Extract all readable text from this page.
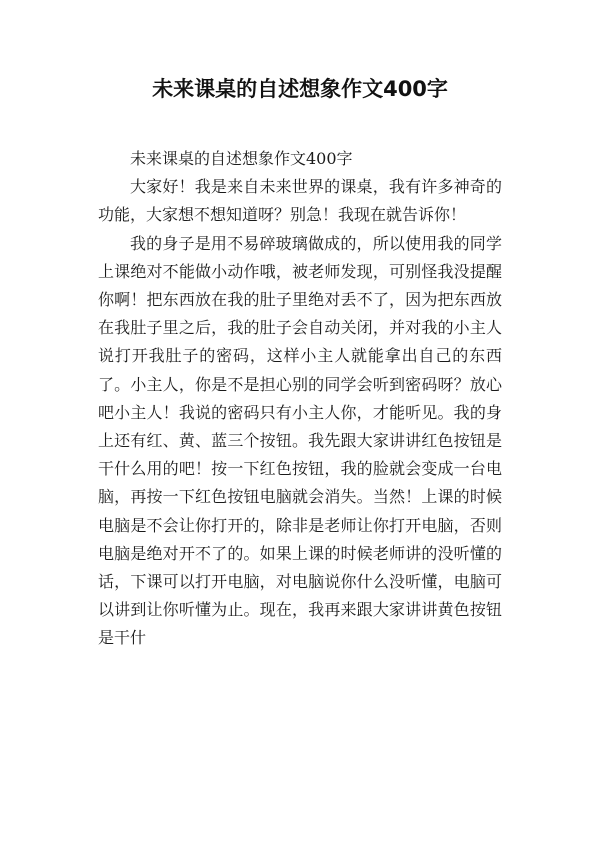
未来课桌的自述想象作文400字

未来课桌的自述想象作文400字

大家好！我是来自未来世界的课桌，我有许多神奇的功能，大家想不想知道呀？别急！我现在就告诉你！

我的身子是用不易碎玻璃做成的，所以使用我的同学上课绝对不能做小动作哦，被老师发现，可别怪我没提醒你啊！把东西放在我的肚子里绝对丢不了，因为把东西放在我肚子里之后，我的肚子会自动关闭，并对我的小主人说打开我肚子的密码，这样小主人就能拿出自己的东西了。小主人，你是不是担心别的同学会听到密码呀？放心吧小主人！我说的密码只有小主人你，才能听见。我的身上还有红、黄、蓝三个按钮。我先跟大家讲讲红色按钮是干什么用的吧！按一下红色按钮，我的脸就会变成一台电脑，再按一下红色按钮电脑就会消失。当然！上课的时候电脑是不会让你打开的，除非是老师让你打开电脑，否则电脑是绝对开不了的。如果上课的时候老师讲的没听懂的话，下课可以打开电脑，对电脑说你什么没听懂，电脑可以讲到让你听懂为止。现在，我再来跟大家讲讲黄色按钮是干什
